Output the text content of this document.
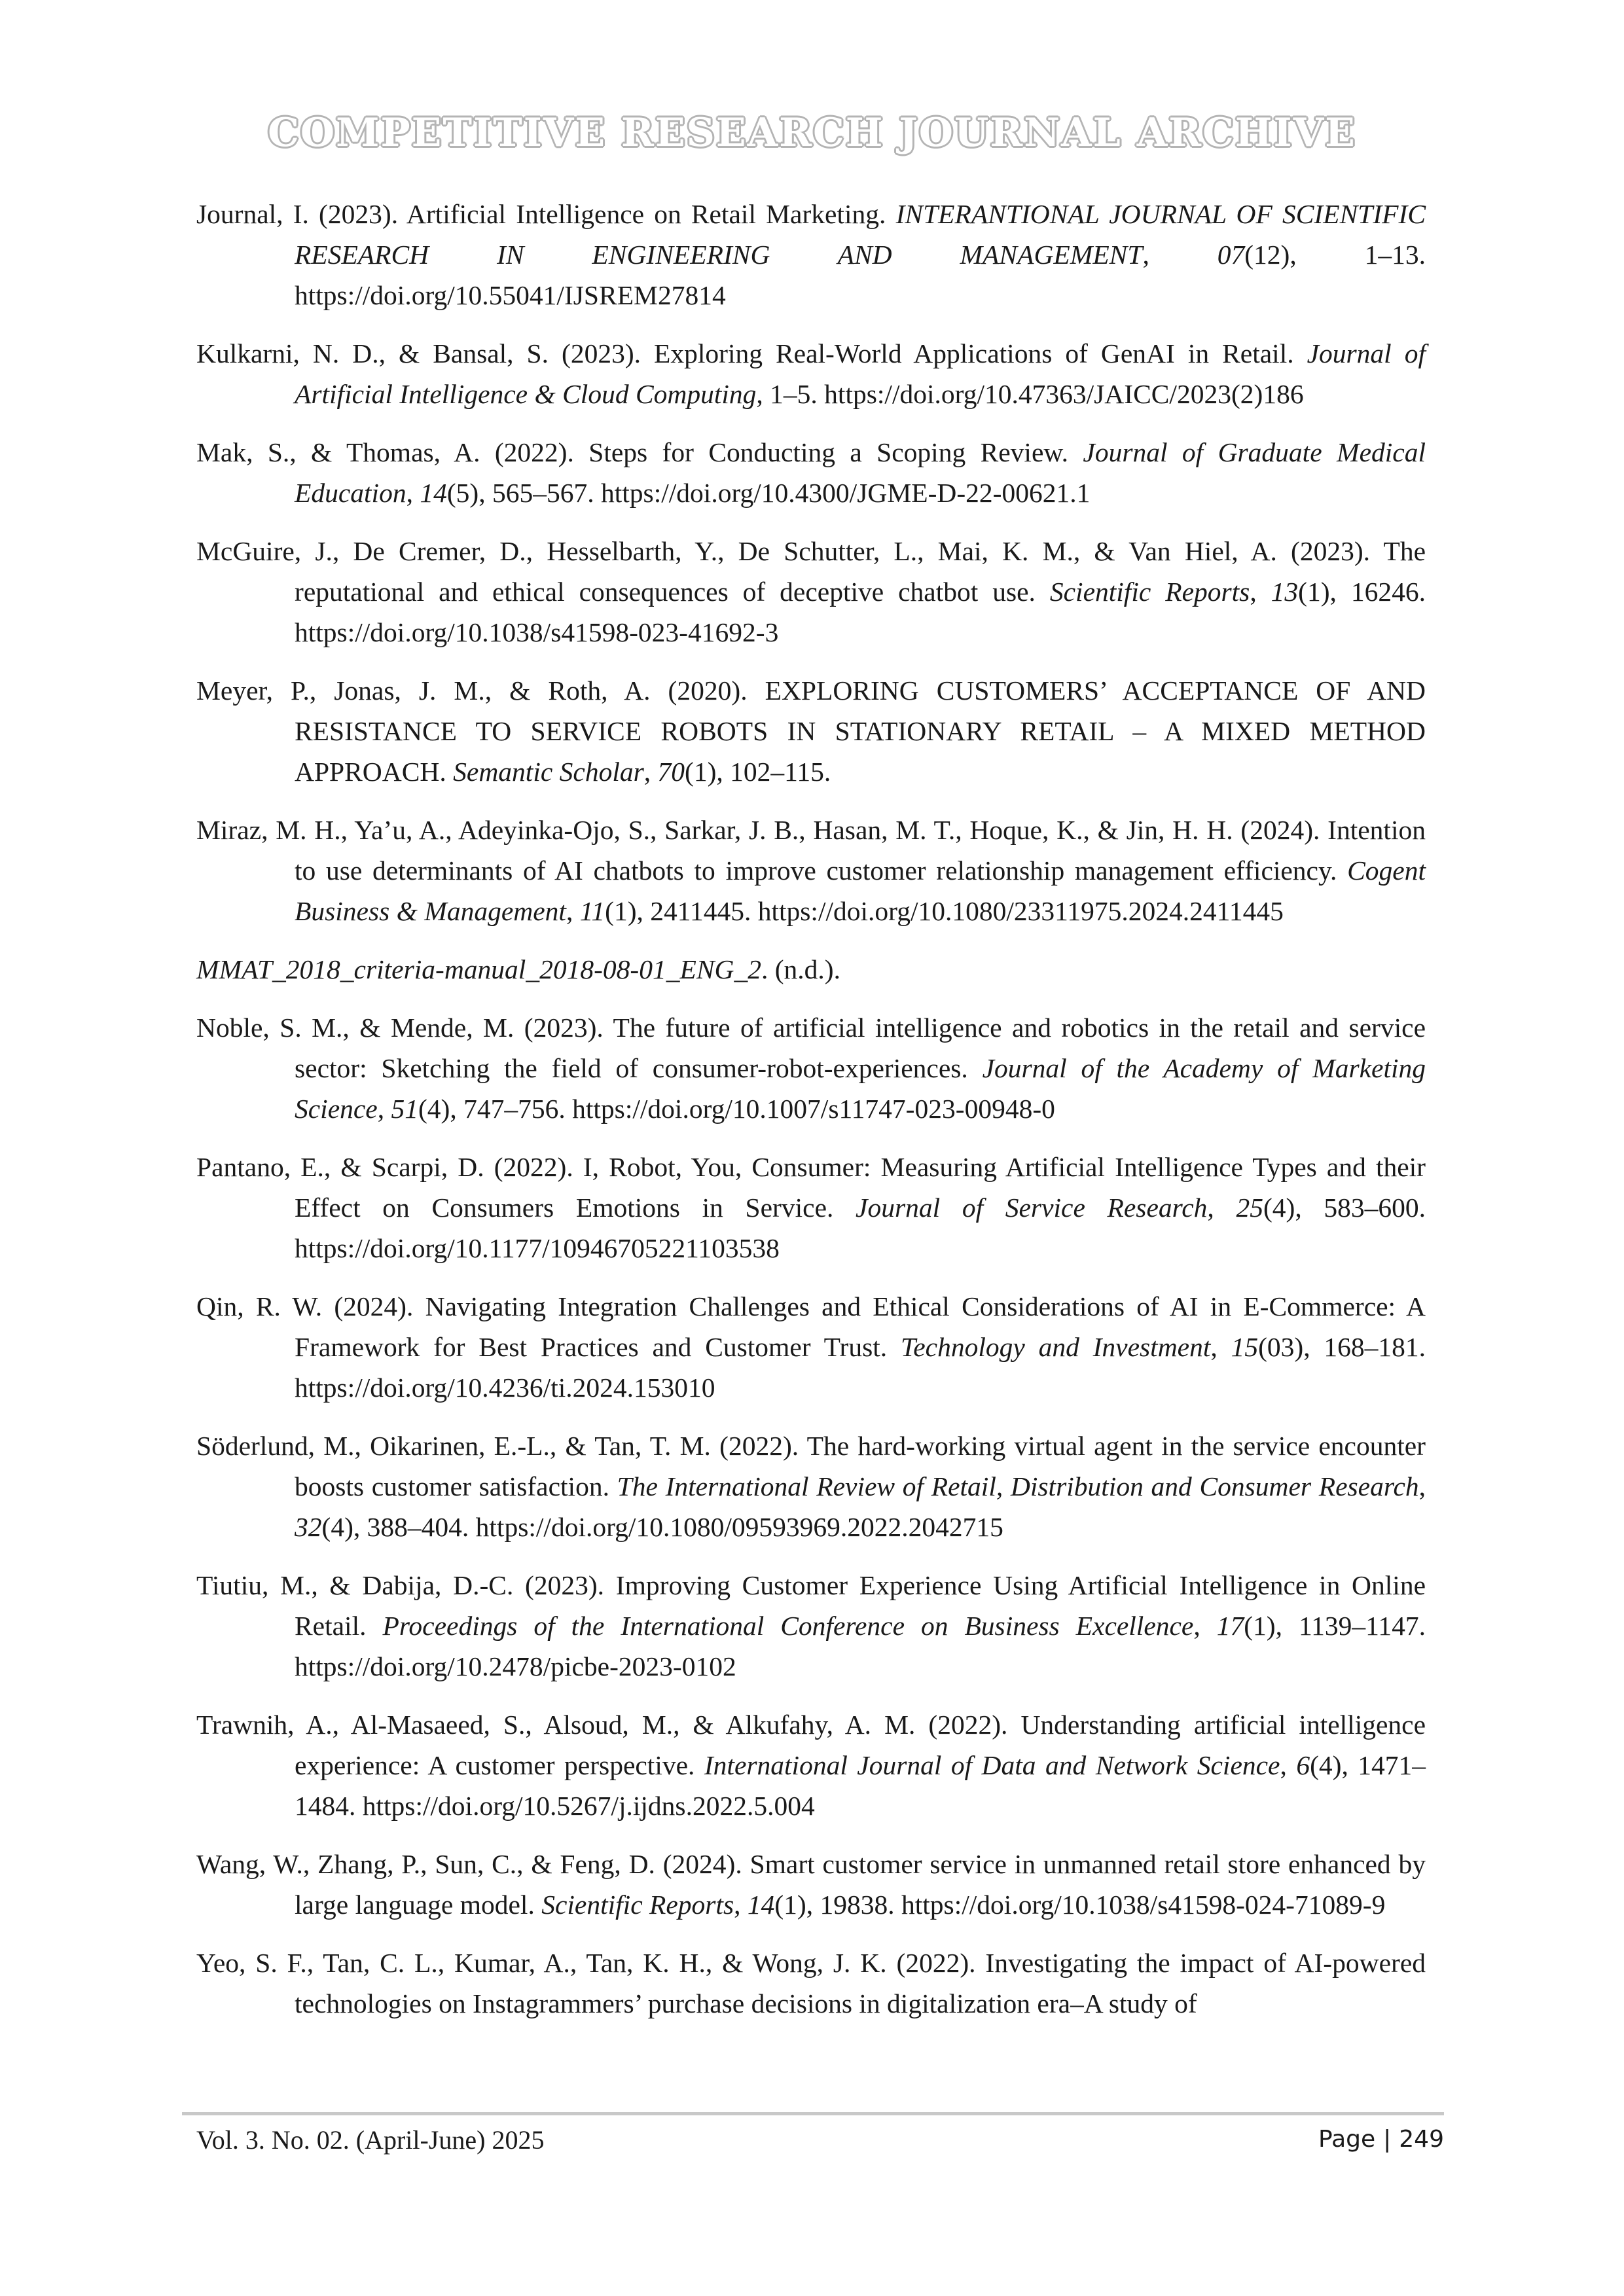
COMPETITIVE RESEARCH JOURNAL ARCHIVE

Journal, I. (2023). Artificial Intelligence on Retail Marketing. INTERANTIONAL JOURNAL OF SCIENTIFIC RESEARCH IN ENGINEERING AND MANAGEMENT, 07(12), 1–13. https://doi.org/10.55041/IJSREM27814

Kulkarni, N. D., & Bansal, S. (2023). Exploring Real-World Applications of GenAI in Retail. Journal of Artificial Intelligence & Cloud Computing, 1–5. https://doi.org/10.47363/JAICC/2023(2)186

Mak, S., & Thomas, A. (2022). Steps for Conducting a Scoping Review. Journal of Graduate Medical Education, 14(5), 565–567. https://doi.org/10.4300/JGME-D-22-00621.1

McGuire, J., De Cremer, D., Hesselbarth, Y., De Schutter, L., Mai, K. M., & Van Hiel, A. (2023). The reputational and ethical consequences of deceptive chatbot use. Scientific Reports, 13(1), 16246. https://doi.org/10.1038/s41598-023-41692-3

Meyer, P., Jonas, J. M., & Roth, A. (2020). EXPLORING CUSTOMERS’ ACCEPTANCE OF AND RESISTANCE TO SERVICE ROBOTS IN STATIONARY RETAIL – A MIXED METHOD APPROACH. Semantic Scholar, 70(1), 102–115.

Miraz, M. H., Ya’u, A., Adeyinka-Ojo, S., Sarkar, J. B., Hasan, M. T., Hoque, K., & Jin, H. H. (2024). Intention to use determinants of AI chatbots to improve customer relationship management efficiency. Cogent Business & Management, 11(1), 2411445. https://doi.org/10.1080/23311975.2024.2411445

MMAT_2018_criteria-manual_2018-08-01_ENG_2. (n.d.).

Noble, S. M., & Mende, M. (2023). The future of artificial intelligence and robotics in the retail and service sector: Sketching the field of consumer-robot-experiences. Journal of the Academy of Marketing Science, 51(4), 747–756. https://doi.org/10.1007/s11747-023-00948-0

Pantano, E., & Scarpi, D. (2022). I, Robot, You, Consumer: Measuring Artificial Intelligence Types and their Effect on Consumers Emotions in Service. Journal of Service Research, 25(4), 583–600. https://doi.org/10.1177/10946705221103538

Qin, R. W. (2024). Navigating Integration Challenges and Ethical Considerations of AI in E-Commerce: A Framework for Best Practices and Customer Trust. Technology and Investment, 15(03), 168–181. https://doi.org/10.4236/ti.2024.153010

Söderlund, M., Oikarinen, E.-L., & Tan, T. M. (2022). The hard-working virtual agent in the service encounter boosts customer satisfaction. The International Review of Retail, Distribution and Consumer Research, 32(4), 388–404. https://doi.org/10.1080/09593969.2022.2042715

Tiutiu, M., & Dabija, D.-C. (2023). Improving Customer Experience Using Artificial Intelligence in Online Retail. Proceedings of the International Conference on Business Excellence, 17(1), 1139–1147. https://doi.org/10.2478/picbe-2023-0102

Trawnih, A., Al-Masaeed, S., Alsoud, M., & Alkufahy, A. M. (2022). Understanding artificial intelligence experience: A customer perspective. International Journal of Data and Network Science, 6(4), 1471–1484. https://doi.org/10.5267/j.ijdns.2022.5.004

Wang, W., Zhang, P., Sun, C., & Feng, D. (2024). Smart customer service in unmanned retail store enhanced by large language model. Scientific Reports, 14(1), 19838. https://doi.org/10.1038/s41598-024-71089-9

Yeo, S. F., Tan, C. L., Kumar, A., Tan, K. H., & Wong, J. K. (2022). Investigating the impact of AI-powered technologies on Instagrammers’ purchase decisions in digitalization era–A study of

Vol. 3. No. 02. (April-June) 2025	Page | 249
